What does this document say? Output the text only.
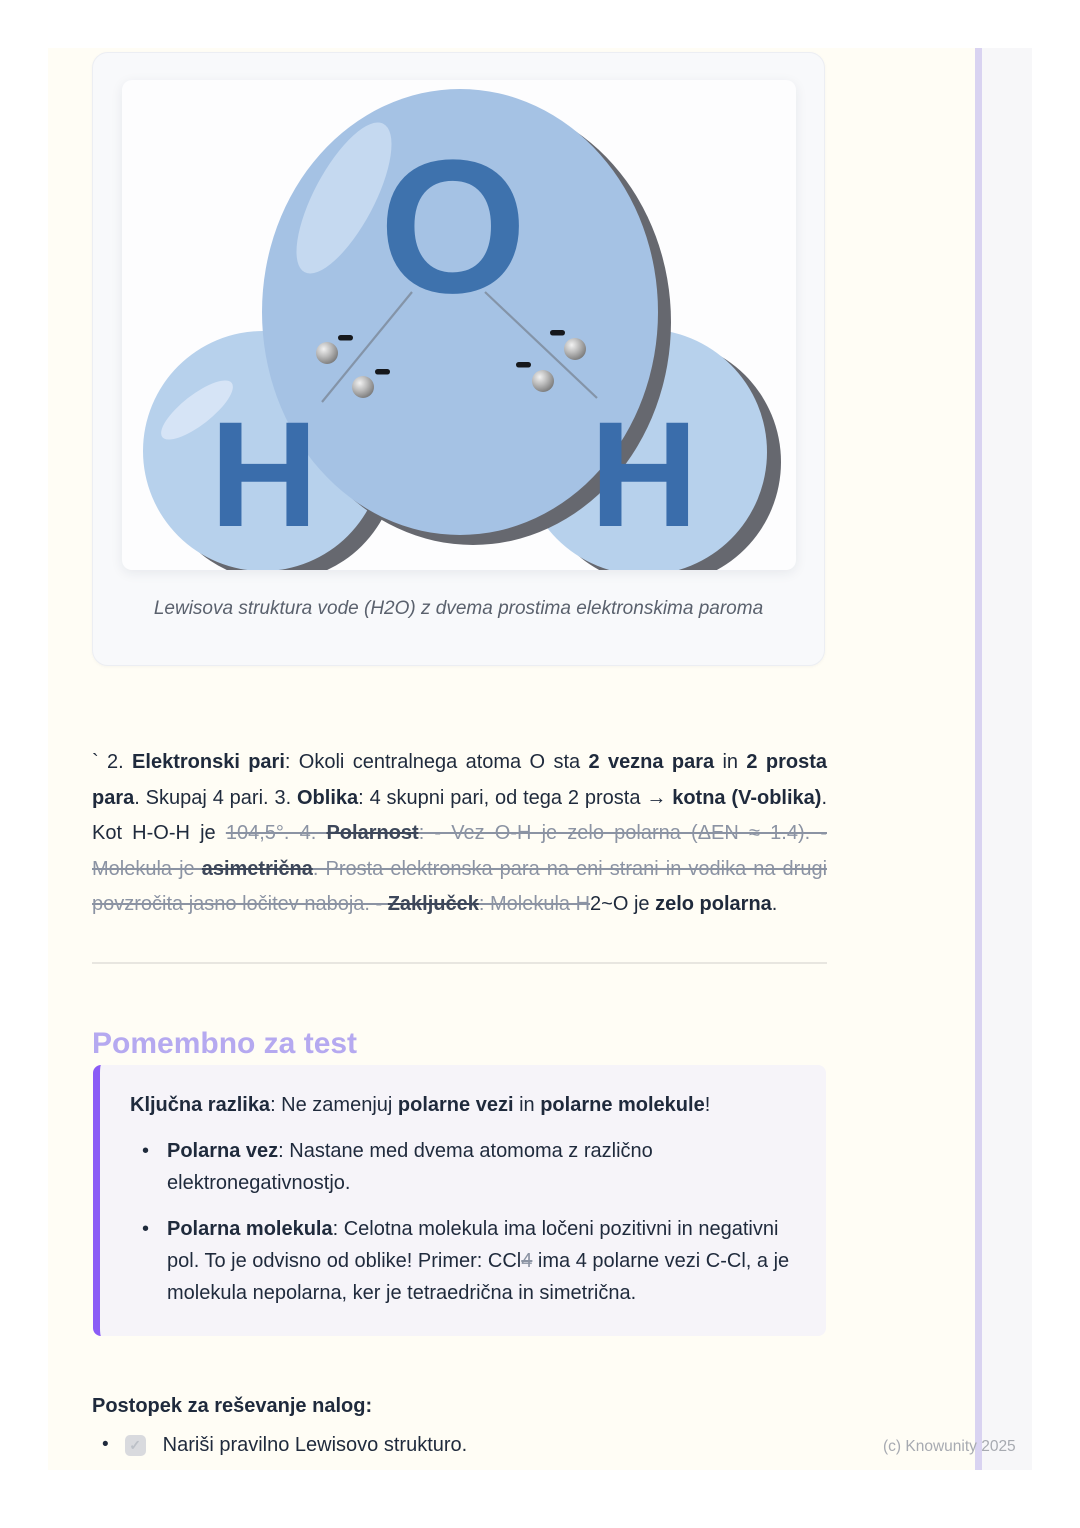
O
H H
Lewisova struktura vode (H2O) z dvema prostima elektronskima paroma

` 2. Elektronski pari: Okoli centralnega atoma O sta 2 vezna para in 2 prosta para. Skupaj 4 pari. 3. Oblika: 4 skupni pari, od tega 2 prosta → kotna (V-oblika). Kot H-O-H je 104,5°. 4. Polarnost: - Vez O-H je zelo polarna (ΔEN ≈ 1.4). - Molekula je asimetrična. Prosta elektronska para na eni strani in vodika na drugi povzročita jasno ločitev naboja. - Zaključek: Molekula H2~O je zelo polarna.

Pomembno za test

Ključna razlika: Ne zamenjuj polarne vezi in polarne molekule!

• Polarna vez: Nastane med dvema atomoma z različno elektronegativnostjo.
• Polarna molekula: Celotna molekula ima ločeni pozitivni in negativni pol. To je odvisno od oblike! Primer: CCl4 ima 4 polarne vezi C-Cl, a je molekula nepolarna, ker je tetraedrična in simetrična.

Postopek za reševanje nalog:

• ✓ Nariši pravilno Lewisovo strukturo.	(c) Knowunity 2025
